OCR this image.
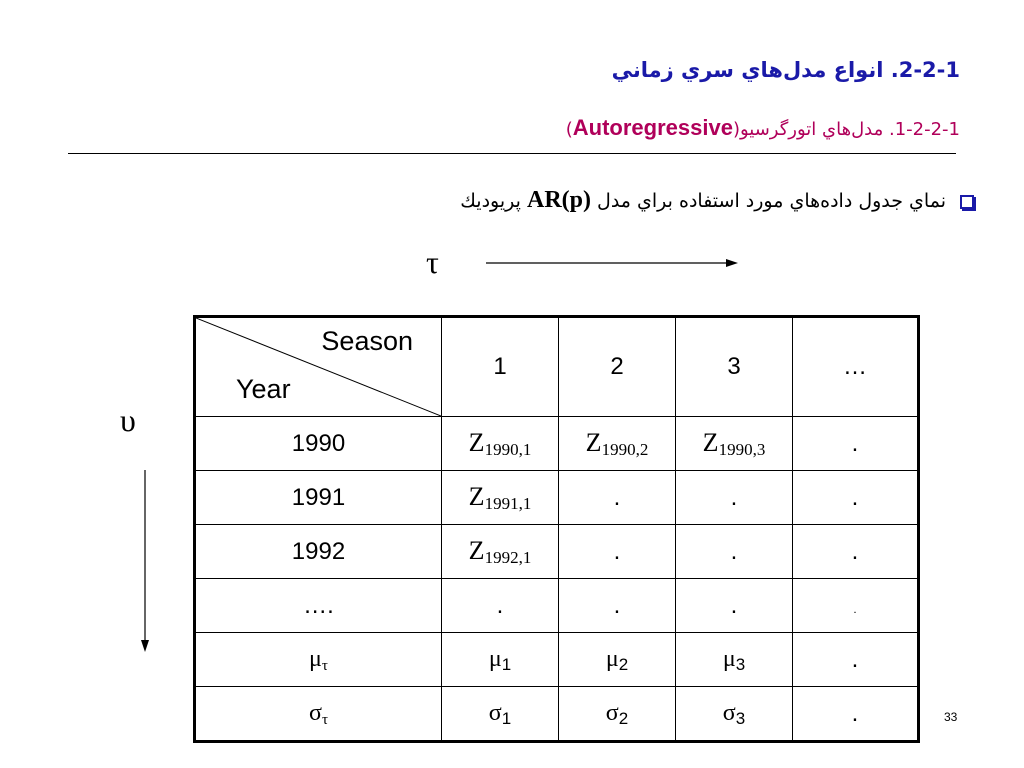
2-2-1. انواع مدل‌هاي سري زماني
1-2-2-1. مدل‌هاي اتورگرسيو(Autoregressive)
نماي جدول داده‌هاي مورد استفاده براي مدل

AR(p)

پريوديك
τ
υ
Season
Year	1	2	3	…
1990	$Z_{1990,1}$	$Z_{1990,2}$	$Z_{1990,3}$	.
1991	$Z_{1991,1}$	.	.	.
1992	$Z_{1992,1}$	.	.	.
….	.	.	.	.
$\mu_\tau$	$\mu_1$	$\mu_2$	$\mu_3$	.
$\sigma_\tau$	$\sigma_1$	$\sigma_2$	$\sigma_3$	.	33
